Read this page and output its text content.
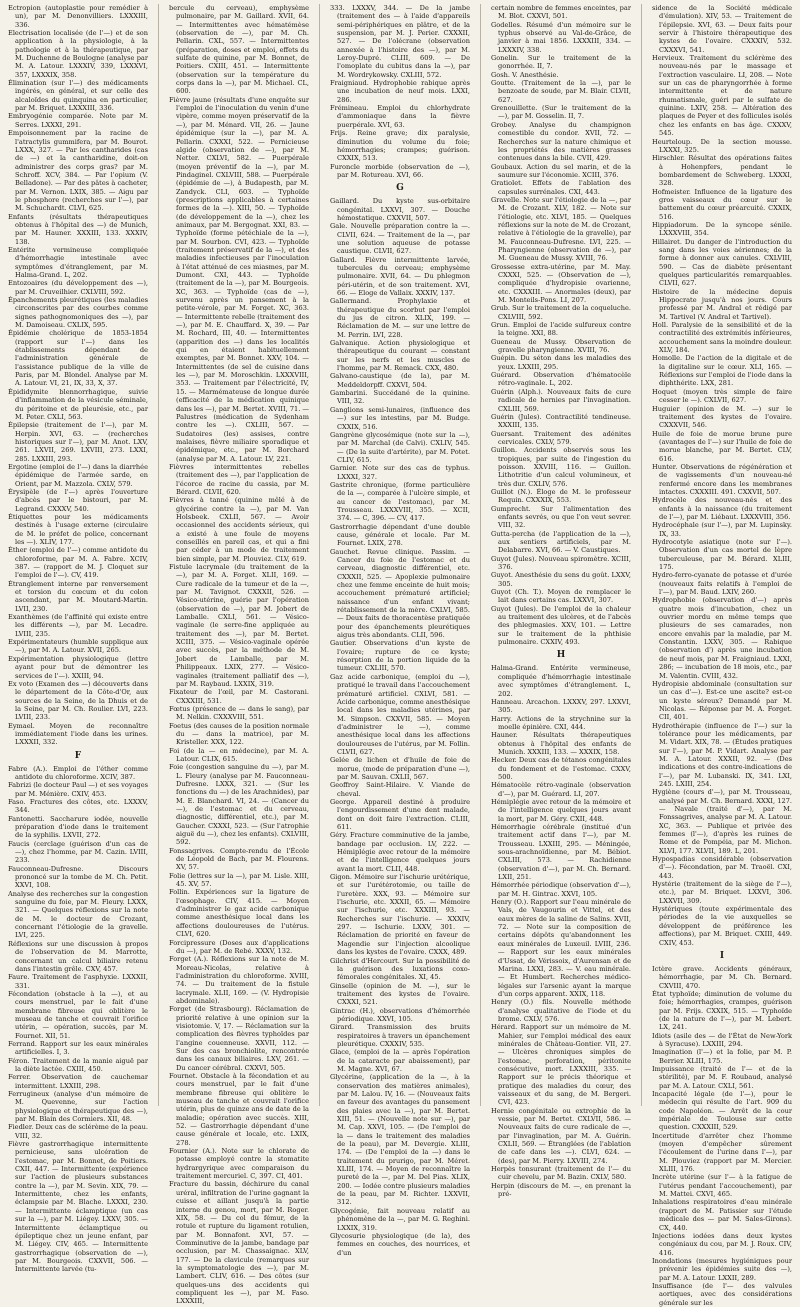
Ectropion (autoplastie pour remédier à un), par M. Denonvilliers. LXXXIII, 336.

Electrisation localisée (de l'—) et de son application à la physiologie, à la pathologie et à la thérapeutique, par M. Duchenne de Boulogne (analyse par M. A. Latour. LXXXIV, 339, LXXXVI, 357, LXXXIX, 358.

Élimination (sur l'—) des médicaments ingérés, en général, et sur celle des alcaloïdes du quinquina en particulier, par M. Briquet. LXXXIII, 336.

Embryogénie comparée. Note par M. Serres. LXXXI, 291.

Empoisonnement par la racine de l'atractylis gummifera, par M. Bourot. LXXX, 327. — Par les cantharides (cas de —) et la cantharidine, doit-on administrer des corps gras? par M. Schroff. XCV, 384. — Par l'opium (V. Belladone). — Par des pâtes à cacheter, par M. Vernon. LXIX, 385. — Aigu par le phosphore (recherches sur l'—), par M. Schuchardt. CLVI, 625.

Enfants (résultats thérapeutiques obtenus à l'hôpital des —) de Munich, par M. Hauner. XXXIII, 133. XXXIV, 138.

Entérite vermineuse compliquée d'hémorrhagie intestinale avec symptômes d'étranglement, par M. Halma-Grand. L, 202.

Entozoaires (du développement des —), par M. Cruveilhier. CXLVIII, 592.

Épanchements pleurétiques (les maladies circonscrites par des courbes comme signes pathognomoniques des —), par M. Damoiseau. CXLIX, 595.

Épidémie cholérique de 1853-1854 (rapport sur l'—) dans les établissements dépendant de l'administration générale de l'assistance publique de la ville de Paris, par M. Blondel. Analyse par M. A. Latour. VI, 21, IX, 33, X, 37.

Épididymite blennorrhagique, suivie d'inflammation de la vésicule séminale, du péritoine et de pleurésie, etc., par M. Peter. CXLI, 563.

Épilepsie (traitement de l'—), par M. Herpin. XVI, 63. — (recherches historiques sur l'—), par M. Anot. LXV, 261. LXVII, 269. LXVIII, 273. LXXI, 285. LXXIII, 293.

Ergotine (emploi de l'—) dans la diarrhée épidémique de l'armée sarde, en Orient, par M. Mazzola. CXLV, 579.

Érysipèle (de l'—) après l'ouverture d'abcès par le bistouri, par M. Legrand. CXXXV, 540.

Étiquettes pour les médicaments destinés à l'usage externe (circulaire de M. le préfet de police, concernant les —). XLIV, 177.

Éther (emploi de l'—) comme antidote du chloroforme, par M. A. Fabre. XCIV, 387. — (rapport de M. J. Cloquet sur l'emploi de l'—). CV, 419.

Étranglement interne par renversement et torsion du cœcum et du colon ascendant, par M. Moutard-Martin. LVII, 230.

Exanthèmes (de l'affinité qui existe entre les différents —), par M. Lecadre. LVIII, 235.

Expérimentateurs (humble supplique aux —), par M. A. Latour. XVII, 265.

Expérimentation physiologique (lettre ayant pour but de démontrer les services de l'—). XXIII, 94.

Ex voto (Examen des —) découverts dans le département de la Côte-d'Or, aux sources de la Seine, de la Dhuis et de la Seine, par M. Ch. Roulier. LVI, 223. LVIII, 233.

Eymael. Moyen de reconnaître immédiatement l'iode dans les urines. LXXXII, 332.

F

Fabre (A.). Emploi de l'éther comme antidote du chloroforme. XCIV, 387.

Fabrizi (le docteur Paul —) et ses voyages par M. Ménière. CXIV, 453.

Faso. Fractures des côtes, etc. LXXXV, 344.

Fantonetti. Saccharure iodée, nouvelle préparation d'iode dans le traitement de la syphilis. LXVII, 272.

Faucis (cerclage (guérison d'un cas de —), chez l'homme, par M. Cazin. LVIII, 233.

Fauconneau-Dufresne. Discours prononcé sur la tombe de M. Ch. Petit. XXVI, 108.

Analyse des recherches sur la congestion sanguine du foie, par M. Fleury. LXXX, 321. — Quelques réflexions sur la note de M. le docteur de Crozant, concernant l'étiologie de la gravelle. LVI, 225.

Réflexions sur une discussion à propos de l'observation de M. Marrotte, concernant un calcul biliaire retenu dans l'intestin grêle. CXV, 457.

Faure. Traitement de l'asphyxie. LXXXII, 331.

Fécondation (obstacle à la —), et au cours menstruel, par le fait d'une membrane fibreuse qui oblitère le museau de tanche et couvrait l'orifice utérin, — opération, succès, par M. Fournet. XII, 51.

Ferrand. Rapport sur les eaux minérales artificielles. I, 3.

Féron. Traitement de la manie aiguë par la diète lactée. CXIII, 450.

Ferrer. Observation de cauchemar intermittent. LXXIII, 298.

Ferrugineux (analyse d'un mémoire de M. Quevenne, sur l'action physiologique et thérapeutique des —), par M. Blain des Cormiers. XII, 48.

Fiedler. Deux cas de sclérème de la peau. VIII, 32.

Fièvre gastrorrhagique intermittente pernicieuse, sans ulcération de l'estomac, par M. Bonnet, de Poitiers. CXII, 447. — Intermittente (expérience sur l'action de plusieurs substances contre la —), par M. Sevin. XIX, 79. — Intermittente, chez les enfants, éclampsie par M. Blache. LXXXI, 230. — Intermittente éclamptique (un cas sur la —), par M. Liégey. LXXV, 305. — Intermittente éclamptique ou épileptique chez un jeune enfant, par M. Liégey. CIV, 465. — Intermittente gastrorrhagique (observation de —), par M. Bourgeois. CXXVII, 506. — Intermittente larvée (tu-

bercule du cerveau), emphysème pulmonaire, par M. Gaillard. XVII, 64. — Intermittentes avec hématémèse (observation de —), par M. Ch. Pellarin. CXL, 557. — Intermittentes (préparation, doses et emploi, effets du sulfate de quinine, par M. Bonnet, de Poitiers. CXIII, 451. — Intermittente (observation sur la température du corps dans la —), par M. Michael. CL, 600.

Fièvre jaune (résultats d'une enquête sur l'emploi de l'inoculation du venin d'une vipère, comme moyen préservatif de la —), par M. Ménard. VII, 26. — Jaune épidémique (sur la —), par M. A. Pellarin. CXXXI, 522. — Pernicieuse algide (observation de —), par M. Netter. CXLVI, 582. — Puerpérale (moyen préventif de la —), par M. Pindaginel. CXLVIII, 588. — Puerpérale (épidémie de —), à Budapesth, par M. Zandyck. CLI, 603. — Typhoïde (prescriptions applicables à certaines formes de la —). XIII, 50. — Typhoïde (de développement de la —), chez les animaux, par M. Bergognat. XXI, 83. — Typhoïde (forme pétéchiale de la —), par M. Sourbon. CVI, 423. — Typhoïde (traitement préservatif de la —), et des maladies infectieuses par l'inoculation à l'état atténué de ces miasmes, par M. Dumont. CXI, 443. — Typhoïde (traitement de la —), par M. Bourgeois. XC, 363. — Typhoïde (cas de —), survenu après un pansement à la petite-vérole, par M. Forget. XC, 363. — Intermittente rebelle (traitement des —), par M. E. Chauffard. X, 39. — Par M. Rochard, III, 40. — Intermittentes (apparition des —) dans les localités qui en étaient habituellement exemptes, par M. Bonnet. XXV, 104. — Intermittentes (de sel de cuisine dans les —), par M. Moroschkin. LXXXVIII, 353. — Traitement par l'électricité, IV, 15. — Marmémateuse de longue durée (efficacité de la médication quinique dans les —), par M. Bertet. XVIII, 71. — Palustres (médication de Sydenham contre les —). CXLIII, 567. — Sudatoires (les) assises, contre malaises, fièvre miliaire sporadique et épidémique, etc., par M. Borchard (analyse par M. A. Latour. LV, 221.

Fièvres intermittentes rebelles (traitement des —), par l'application de l'écorce de racine du cassia, par M. Bérard. CLVII, 620.

Fièvres à tanné (quinine mêlé à de glycérine contre la —), par M. Van Holsbeek. CXLII, 567. — Avoir occasionnel des accidents sérieux, qui a existé à une foule de moyens conseillés en pareil cas, et qui a fini par céder à un mode de traitement bien simple, par M. Plouviez. CLV, 619.

Fistule lacrymale (du traitement de la —), par M. A. Forget. XLII, 169. — Cure radicale de la tumeur et de la —, par M. Tavignot. CXXXII, 526. — Vésico-utérine, guérie par l'opération (observation de —), par M. Jobert de Lamballe. CXLI, 561. — Vésico-vaginale (le serre-fine appliquée au traitement des —), par M. Bertet. XCIII, 375. — Vésico-vaginale opérée avec succès, par la méthode de M. Jobert de Lamballe, par M. Philippeaux. LXIX, 277. — Vésico-vaginales (traitement palliatif des —), par M. Raybaud. LXXIX, 319.

Fixateur de l'œil, par M. Castorani. CXXXIII, 531.

Fœtus (présence de — dans le sang), par M. Nelkin. CXXXVIII, 551.

Foetus (des causes de la position normale du — dans la matrice), par M. Kristeller. XXX, 122.

Foi (de la — en médecine), par M. A. Latour. CLIX, 615.

Foie (congestion sanguine du —), par M. L. Fleury (analyse par M. Fauconneau-Dufresne. LXXX, 321. — (Sur les fonctions du —) de les Arachnides), par M. E. Blanchard. VI, 24. — (Cancer du —), de l'estomac et du cerveau, diagnostic, différentiel, etc.), par M. Gaucher. CXXXI, 523. — (Sur l'atrophie aiguë du —), chez les enfants). CXLVIII, 592.

Fonssagrives. Compte-rendu de l'École de Léopold de Bach, par M. Flourens. XV, 57.

Folie (lettres sur la —), par M. Lisle. XIII, 45. XV, 57.

Follin. Expériences sur la ligature de l'œsophage. CIV, 415. — Moyen d'administrer le gaz acide carbonique comme anesthésique local dans les affections douloureuses de l'utérus. CLVI, 620.

Forcipressure (Doses aux d'applications du —), par M. de Rebé. XXXV, 132.

Forget (A.). Réflexions sur la note de M. Moreau-Nicolas, relative à l'administration du chloroforme. XVIII, 74. — Du traitement de la fistule lacrymale. XLII, 169. — (V. Hydropisie abdominale).

Forget (de Strasbourg). Réclamation de priorité relative à une opinion sur la visiotomie. V, 17. — Réclamation sur la complication des fièvres typhoïdes par l'angine couenneuse. XXVII, 112. — Sur des cas bronchiolite, rencontrée dans les canaux biliaires. LXV, 261. — Du cancer cérébral. CXXVI, 505.

Fournet. Obstacle à la fécondation et au cours menstruel, par le fait d'une membrane fibreuse qui oblitère le museau de tanche et couvrait l'orifice utérin, plus de quinze ans de date de la maladie; opération avec succès. XIII, 52. — Gastrorrhagie dépendant d'une cause générale et locale, etc. LXIX, 278.

Fournier (A.). Note sur le chlorate de potasse employé contre la stomatite hydrargyrique avec comparaison du traitement mercuriel. C, 397. CI, 401.

Fracture du bassin, déchirure du canal uréral, infiltration de l'urine gagnant la cuisse et aillant jusqu'à la partie interne du genou, mort, par M. Roger. XIX, 58. — Du col du fémur, de la rotule et rupture du ligament rotulien, par M. Bonnafont. XVI, 57. — Comminutive de la jambe, bandage par occlusion, par M. Chassaignac. XLV, 177. — De la clavicule (remarques sur la symptomatologie des —), par M. Lambert. CLIV, 616. — Des côtes (sur quelques-uns des accidents qui compliquent les —), par M. Faso. LXXXIII,

333. LXXXV, 344. — De la jambe (traitement des — à l'aide d'appareils semi-périphériques en plâtre, et de la suspension, par M. J. Perier. CXXXII, 527. — De l'olécrane (observation annexée à l'histoire des —), par M. Leroy-Dupré. CLIII, 609. — De l'omoplate du cubitus dans la —), par M. Wordrykowsky. CXLIII, 572.

Fraigniaud. Hydrophobie rabique après une incubation de neuf mois. LXXI, 286.

Frémineau. Emploi du chlorhydrate d'ammoniaque dans la fièvre puerpérale. XVI, 63.

Frijs. Reine grave; dix paralysie, diminution du volume du foie; hémorrhagies; crampes; guérison. CXXIX, 513.

Furoncle morbide (observation de —), par M. Rotureau. XVI, 66.

G

Gaillard. Du kyste sus-orbitaire congénital. LXXVI, 307. — Douche hémostatique. CXXVII, 507.

Gale. Nouvelle préparation contre la —. CLVII, 624. — Traitement de la —, par une solution aqueuse de potasse caustique. CLVII, 627.

Gallard. Fièvre intermittente larvée, tubercules du cerveau; emphysème pulmonaire. XVII, 64. — Du phlegmon péri-utérin, et de son traitement. XVI, 66. — Eloge de Vallaix. XXXIV, 137.

Gallermand. Prophylaxie et thérapeutique du scorbut par l'emploi du jus de citron. XLIX, 199. — Réclamation de M. — sur une lettre de M. Perrin. LVI, 228.

Galvanique. Action physiologique et thérapeutique du courant — constant sur les nerfs et les muscles de l'homme, par M. Remack. CXX, 480.

Galvano-caustique (de la), par M. Meddeldorpff. CXXVI, 504.

Gambarini. Succédané de la quinine. VIII, 32.

Ganglions semi-lunaires, (influence des —) sur les intestins, par M. Budge. CXXIX, 516.

Gangrène glycosémique (note sur la —), par M. Marchal (de Calvi). CXLIV, 545. — (De la suite d'artérite), par M. Potet. CLIV, 615.

Garnier. Note sur des cas de typhus. LXXXI, 327.

Gastrite chronique, (forme particulière de la —, comparée à l'ulcère simple, et au cancer de l'estomac), par M. Trousseau. LXXXVIII, 355. — XCII, 374. — C, 396. — CV, 417.

Gastrorrhagie dépendant d'une double cause, générale et locale. Par M. Fournet. LXIX, 278.

Gauchet. Revue clinique. Passim. — Cancer du foie de l'estomac et du cerveau, diagnostic différentiel, etc. CXXXII, 525. — Apoplexie pulmonaire chez une femme enceinte de huit mois; accouchement prématuré artificiel; naissance d'un enfant vivant; rétablissement de la mère. CXLVI, 585. — Deux faits de thoracentèse pratiquée pour des épanchements pleurétiques aigus très abondants. CLII, 596.

Gautier. Observations d'un kyste de l'ovaire; rupture de ce kyste; résorption de la portion liquide de la tumeur. CXLIII, 570.

Gaz acide carbonique, (emploi du —), pratiqué le travail dans l'accouchement prématuré artificiel. CXLVI, 581. — Acide carbonique, comme anesthésique local dans les maladies utérines, par M. Simpson. CXXVII, 585. — Moyen d'administrer le —), comme anesthésique local dans les affections douloureuses de l'utérus, par M. Follin. CLVII, 627.

Gelée de lichen et d'huile de foie de morue, (mode de préparation d'une —), par M. Sauvan. CXLII, 567.

Geoffroy Saint-Hilaire. V. Viande de cheval.

George. Appareil destiné à produire l'engourdissement d'une dent malade, dont on doit faire l'extraction. CLIII, 611.

Géry. Fracture comminutive de la jambe, bandage par occlusion. LV, 222. — Hémiplégie avec retour de la mémoire et de l'intelligence quelques jours avant la mort. CLII, 448.

Gigon. Mémoire sur l'ischurie urétérique, et sur l'urétérotomie, ou taille de l'uretère. XXX, 93. — Mémoire sur l'ischurie, etc. XXXII, 65. — Mémoire sur l'ischurie, etc. XXXIII, 93. — Recherches sur l'ischurie. — XXXIV, 297. — Ischurie. LXXV, 301. — Réclamation de priorité en faveur de Magendie sur l'injection alcoolique dans les kystes de l'ovaire. CXXX, 489.

Gilchrist d'Hercourt. Sur la possibilité de la guérison des luxations coxo-fémorales congénitales. XI, 45.

Ginselle (opinion de M. —), sur le traitement des kystes de l'ovaire. CXXXI, 521.

Gintrac (H.), observations d'hémorrhée périodique. XXVI, 105.

Girard. Transmission des bruits respiratoires à travers un épanchement pleurétique. CXXXIV, 535.

Glace, (emploi de la — après l'opération de la cataracte par abaissement), par M. Magne. XVI, 67.

Glycérine, (application de la —, à la conservation des matières animales), par M. Lalou. IV, 16. — (Nouveaux faits en faveur des avantages du pansement des plaies avec la —), par M. Bertet. XIII, 51. — (Nouvelle note sur —), par M. Cap. XXVI, 105. — (De l'emploi de la — dans le traitement des maladies de la peau), par M. Devergie. XLIII, 174. — (De l'emploi de la —) dans le traitement du prurigo, par M. Méret. XLIII, 174. — Moyen de reconnaître la pureté de la —, par M. Del Pias. XLIX, 200. — Iodée contre plusieurs maladies de la peau, par M. Richter. LXXVII, 312.

Glycogénie, fait nouveau relatif au phénomène de la —, par M. G. Reghini. LXXIX, 319.

Glycosurie physiologique (de la), des femmes en couches, des nourrices, et d'un

certain nombre de femmes enceintes, par M. Blot. CXXVI, 501.

Godelles. Résumé d'un mémoire sur le typhus observé au Val-de-Grâce, de janvier à mai 1856. LXXXIII, 334. — LXXXIV, 338.

Gonelin. Sur le traitement de la gonorrhée. II, 7.

Gosh. V. Anesthésie.

Goutte. (Traitement de la —), par le benzoate de soude, par M. Blair. CLVII, 627.

Grenouillette. (Sur le traitement de la —), par M. Gosselin. II, 7.

Grobey. Analyse du champignon comestible du condor. XVII, 72. — Recherches sur la nature chimique et les propriétés des matières grasses contenues dans la bile. CVII, 429.

Goubaux. Action du sel marin, et de la saumure sur l'économie. XCIII, 376.

Gratiolet. Effets de l'ablation des capsules surrénales. CXI, 443.

Gravelle. Note sur l'étiologie de la —, par M. de Crozant. XLV, 182. — Note sur l'étiologie, etc. XLVI, 185. — Quelques réflexions sur la note de M. de Crozant, relative à l'étiologie de la gravelle), par M. Fauconneau-Dufresne. LVI, 225. — Pharyngienne (observation de —), par M. Gueneau de Mussy. XVIII, 76.

Grossesse extra-utérine, par M. May. CXXXI, 525. — (Observation de —), compliquée d'hydropisie ovarienne, etc. CXXXIII. — Anormales (deux), par M. Monteils-Pons. LI, 207.

Grub. Sur le traitement de la coqueluche. CXLVIII, 592.

Grun. Emploi de l'acide sulfureux contre la teigne. XXI, 88.

Gueneau de Mussy. Observation de gravelle pharyngienne. XVIII, 76.

Guépin. Du séton dans les maladies des yeux. LXXIII, 295.

Guérard. Observation d'hématocèle rétro-vaginale. L, 202.

Guérin (Alph.). Nouveaux faits de cure radicale de hernies par l'invagination. CXLIII, 569.

Guérin (Jules). Contractilité tendineuse. XXXIII, 135.

Guersant. Traitement des adénites cervicales. CXLV, 579.

Guillon. Accidents observés sous les tropiques, par suite de l'ingestion du poisson. XXVIII, 116. — Guillon. Lithotritie d'un calcul volumineux, et très dur. CXLIV, 576.

Guillot (N.). Éloge de M. le professeur Requin. CXXXIX, 553.

Gumprecht. Sur l'alimentation des enfants sevrés, ou que l'on veut sevrer. VIII, 32.

Gutta-percha (de l'application de la —), aux sentiers artificiels, par M. Delabarre. XVI, 66. — V. Caustiques.

Guyot (Jules). Nouveau spiromètre. XCIII, 376.

Guyot. Anesthésie du sens du goût. LXXV, 305.

Guyot (Ch. T.). Moyen de remplacer le lait dans certains cas. LXXVI, 307.

Guyot (Jules). De l'emploi de la chaleur au traitement des ulcères, et de l'abcès des phlegmasies. XXV, 101. — Lettre sur le traitement de la phthisie pulmonaire. CXXIV, 493.

H

Halma-Grand. Entérite vermineuse, compliquée d'hémorrhagie intestinale avec symptômes d'étranglement. L, 202.

Hanneau. Arcachon. LXXXV, 297. LXXVI, 305.

Harry. Actions de la strychnine sur la moelle épinière. CXI, 444.

Hauner. Résultats thérapeutiques obtenus à l'hôpital des enfants de Munich. XXXIII, 133. — XXXIX, 158.

Hecker. Deux cas de tétanos congénitales du fondement et de l'estomac. CXXV, 500.

Hématocèle rétro-vaginale (observation d'—), par M. Guérard. LI, 207.

Hémiplégie avec retour de la mémoire et de l'intelligence quelques jours avant la mort, par M. Géry. CXII, 448.

Hémorrhagie cérébrale (institué d'un traitement actif dans l'—), par M. Trousseau. LXXIII, 295. — Méningée, sous-arachnoïdienne, par M. Bébiot. CXLIII, 573. — Rachidienne (observation d'—), par M. Ch. Bernard. LXII, 251.

Hémorrhée périodique (observation d'—), par M. H. Gintrac. XXVI, 105.

Henry (O.). Rapport sur l'eau minérale de Vals, de Vaugourin et Vittel, et des eaux mères de la saline de Salins. XVII, 72. — Note sur la composition de certains dépôts qu'abandonnent les eaux minérales de Luxeuil. LVIII, 236. — Rapport sur les eaux minérales d'Ussat, de Vérissoix, d'Aurensan et de Marina. LXXI, 283. — V. eau minérale. — Et Humbert. Recherches médico-légales sur l'arsenic ayant la marque d'un corps apparent. XXIX, 118.

Henry (O.) fils. Nouvelle méthode d'analyse qualitative de l'iode et du brome. CXLV, 576.

Hérard. Rapport sur un mémoire de M. Mahier, sur l'emploi médical des eaux minérales de Château-Gontier. VII, 27. — Ulcères chroniques simples de l'estomac, perforation, péritonite consécutive, mort. LXXXIII, 335. — Rapport sur le précis théorique et pratique des maladies du cœur, des vaisseaux et du sang, de M. Bergeri. CVI, 423.

Hernie congénitale ou extrophie de la vessie, par M. Bertet. CXLVII, 586. — Nouveaux faits de cure radicale de —, par l'invagination, par M. A. Guérin. CXLII, 569. — Étranglées (de l'ablation de cafe dans les —). CLVI, 624. — (des), par M. Pierry. LXVIII, 274.

Herpès tonsurant (traitement de l'— du cuir chevelu, par M. Bazin. CXLV, 580.

Herpin (discours de M. —, en prenant la pré-

sidence de la Société médicale d'émulation). XIV, 53. — Traitement de l'épilepsie. XVI, 63. — Deux faits pour servir à l'histoire thérapeutique des kystes de l'ovaire. CXXXIV, 532. CXXXVI, 541.

Hervieux. Traitement du sclérème des nouveau-nés par le massage et l'extraction vasculaire. LI, 208. — Note sur un cas de pharyngorrhée à forme intermittente et de nature rhumatismale, guéri par le sulfate de quinine. LXIV, 258. — Altération des plaques de Peyer et des follicules isolés chez les enfants en bas âge. CXXXV, 545.

Heurteloup. De la section mousse. LXXXI, 325.

Hirschler. Résultat des opérations faites à Hohenpfers, pendant le bombardement de Schweberg. LXXXI, 328.

Hofmeister. Influence de la ligature des gros vaisseaux du cœur sur le battement du cœur préarcuité. CXXIX, 516.

Hippiadorum. De la syncope sénile. LXXXVIII, 354.

Hillairet. Du danger de l'introduction du sang dans les voies aériennes; de la forme à donner aux canules. CXLVIII, 590. — Cas de diabète présentant quelques particularités remarquables. CLVII, 627.

Histoire de la médecine depuis Hippocrate jusqu'à nos jours. Cours professé par M. Andral et rédigé par M. Tartivel (V. Andral et Tartivel).

Holl. Paralysie de la sensibilité et de la contractilité des extrémités inférieures, accouchement sans la moindre douleur. XLV, 184.

Homolle. De l'action de la digitale et de la digitaline sur le cœur. XLI, 165. — Réflexions sur l'emploi de l'iode dans la diphthérite. LXX, 281.

Hoquet (moyen très simple de faire cesser le —). CXLVII, 627.

Huguier (opinion de M. —) sur le traitement des kystes de l'ovaire. CXXXVII, 546.

Huile de foie de morue brune pure (avantages de l'—) sur l'huile de foie de morue blanche, par M. Bertet. CLV, 616.

Hunter. Observations de régénération et de vagissements d'un nouveau-né renfermé encore dans les membranes intactes. CXXXIII. 491. CXXVII, 507.

Hydrocèle des nouveau-nés et des enfants à la naissance (du traitement de l'—), par M. Liébaut. LXXXVIII, 356.

Hydrocéphale (sur l'—), par M. Lupinsky. IX, 33.

Hydrocotyle asiatique (note sur l'—). Observation d'un cas mortel de lèpre tuberculeuse, par M. Bérard. XLIII, 175.

Hydro-ferro-cyanate de potasse et d'urée (nouveaux faits relatifs à l'emploi de l'—), par M. Baud. LXIV, 260.

Hydrophobie (observation d'—) après quatre mois d'incubation, chez un ouvrier mordu en même temps que plusieurs de ses camarades, non encore envahis par la maladie, par M. Constantin. LXXV, 305. — Rabique (observation d') après une incubation de neuf mois, par M. Fraigniaud. LXXI, 286; — incubation de 18 mois, etc., par M. Valentin. CVIII, 432.

Hydropisie abdominale (consultation sur un cas d'—). Est-ce une ascite? est-ce un kyste séreux? Demandé par M. Nicolas. — Réponse par M. A. Forget. CII, 401.

Hydrothérapie (influence de l'—) sur la tolérance pour les médicaments, par M. Vidart. XIX, 78. — (Études pratiques sur l'—), par M. P. Vidart. Analyse par M. A. Latour. XXXII, 92. — (Des indications et des contre-indications de l'—), par M. Lubanski. IX, 341. LXI, 245. LXIII, 254.

Hygiène (cours d'—), par M. Trousseau, analysé par M. Ch. Bernard. XXXI, 127. — Navale (traité d'—), par M. Fonssagrives, analyse par M. A. Latour. XC, 363. — Publique et privée des femmes (l'—), d'après les ruines de Rome et de Pompéia, par M. Michon. XLVI, 177. XLVII, 189. L, 201.

Hypospadias considérable (observation d'—). Fécondation, par M. Traoël. CXI, 443.

Hystérie (traitement de la siège de l'—), etc.), par M. Briquet. LXXVI, 306. LXXVII, 309.

Hystériques (toute expérimentale des périodes de la vie auxquelles se développent de préférence les affections), par M. Briquet. CXIII, 449. CXIV, 453.

I

Ictère grave. Accidents généraux, hémorrhagie, par M. Ch. Bernard. CXVIII, 470.

État typhoïde; diminution de volume du foie; hémorrhagies, crampes, guérison par M. Frijs. CXXIX, 515. — Typhoïde (de la nature de l'—), par M. Lebert. LX, 241.

Idiots (asile des — de l'État de New-York à Syracuse). LXXIII, 294.

Imagination (l'—) et la folie, par M. P. Berrier. XLIII, 175.

Impuissance (traité de l'— et de la stérilité), par M. F. Roubaud, analysé par M. A. Latour. CXLI, 561.

Incapacité légale (de l'—), pour le médecin qui résulte de l'art. 909 du code Napoléon. — Arrêt de la cour impériale de Toulouse sur cette question. CXXXIII, 529.

Incertitude d'arrêter chez l'homme (moyen d'empêcher sûrement l'écoulement de l'urine dans l'—), par M. Plouviez (rapport par M. Mercier. XLIII, 176.

Incrète utérine (sur l'— à la fatigue de l'utérus pendant l'accouchement), par M. Mattei. CXVI, 465.

Inhalations respiratoires d'eau minérale (rapport de M. Patissier sur l'étude médicale des — par M. Sales-Girons). CX, 440.

Injections iodées dans deux kystes congéniaux du cou, par M. J. Roux. CIV, 416.

Inondations (mesures hygiéniques pour prévenir les épidémies suite des —), par M. A. Latour. LXXII, 289.

Insuffisance (de l'— des valvules aortiques, avec des considérations générale sur les
